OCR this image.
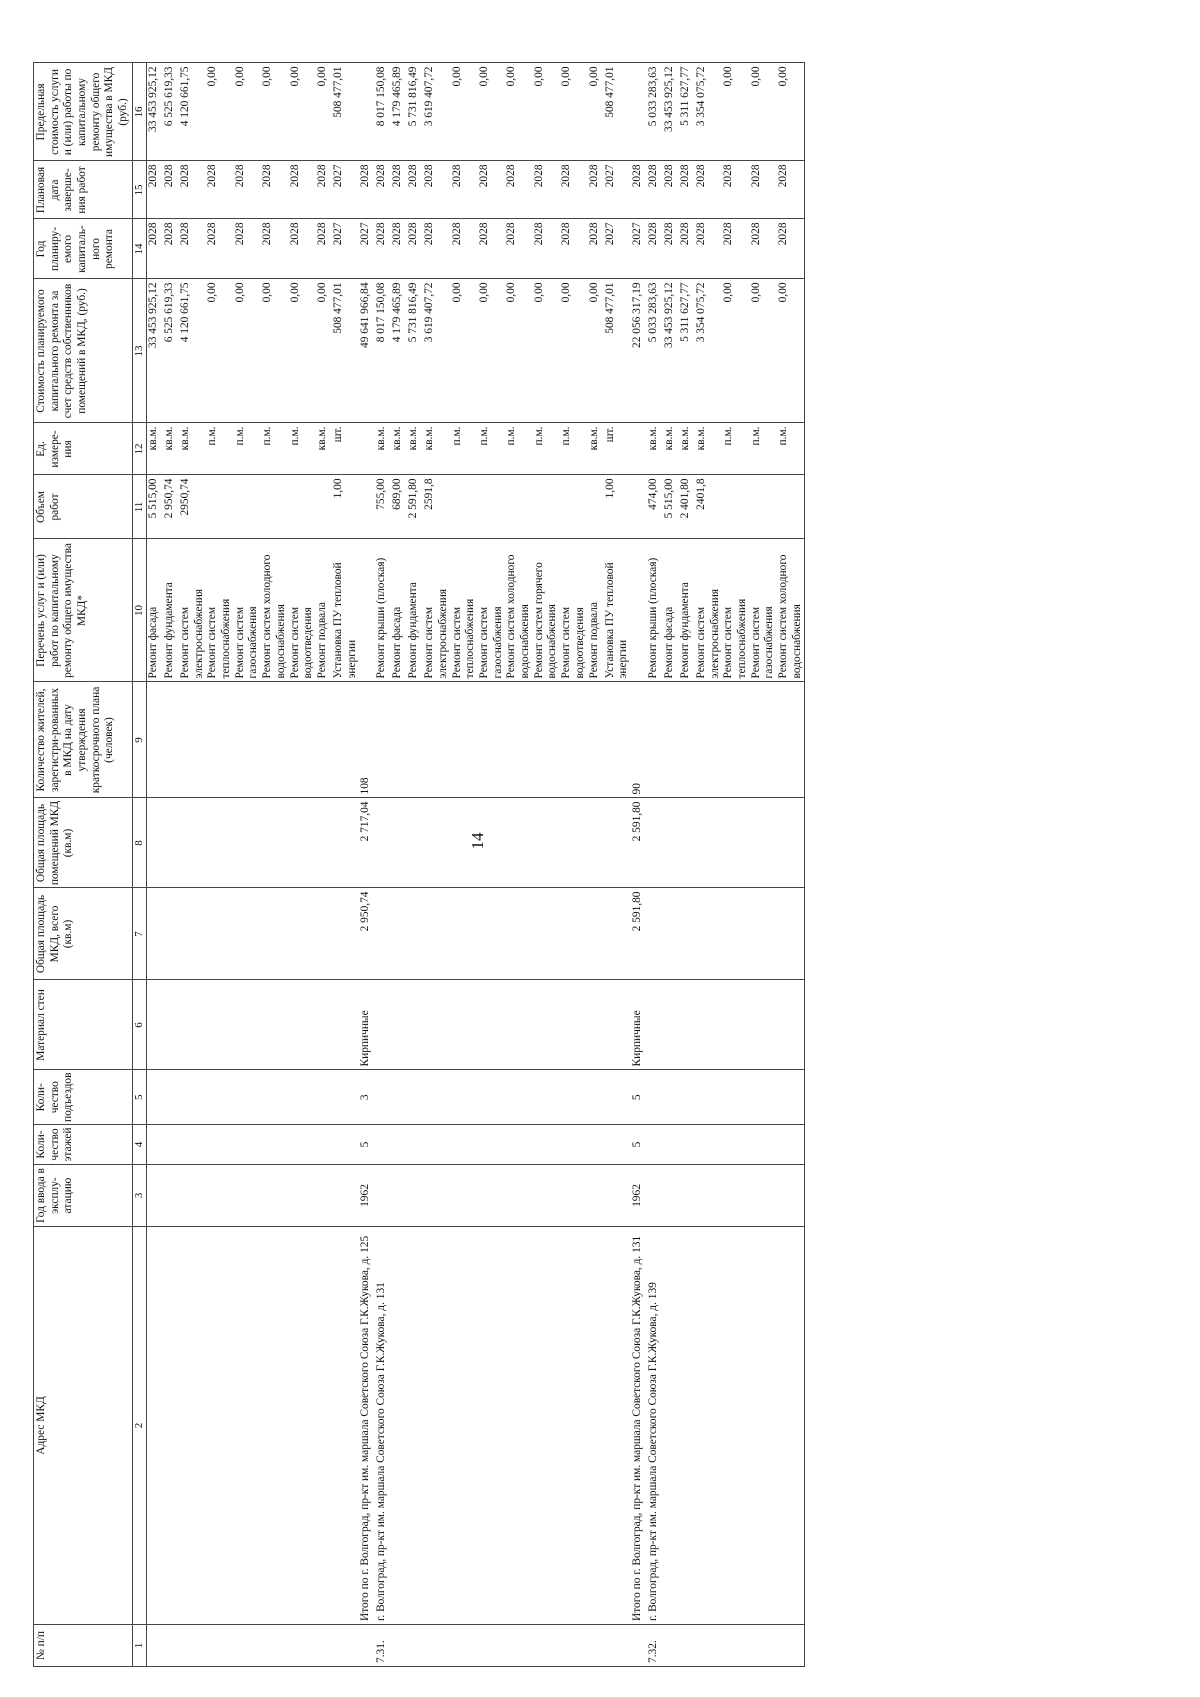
14
№ п/п	Адрес МКД	Год ввода в эксплу-атацию	Коли-чество этажей	Коли-чество подъездов	Материал стен	Общая площадь МКД, всего (кв.м)	Общая площадь помещений МКД (кв.м)	Количество жителей, зарегистри-рованных в МКД на дату утверждения краткосрочного плана (человек)	Перечень услуг и (или) работ по капитальному ремонту общего имущества МКД*	Объем работ	Ед. измере-ния	Стоимость планируемого капитального ремонта за счет средств собственников помещений в МКД, (руб.)	Год планиру-емого капиталь-ного ремонта	Плановая дата заверше-ния работ	Предельная стоимость услуги и (или) работы по капитальному ремонту общего имущества в МКД (руб.)
1	2	3	4	5	6	7	8	9	10	11	12	13	14	15	16
									Ремонт фасада	5 515,00	кв.м.	33 453 925,12	2028	2028	33 453 925,12
									Ремонт фундамента	2 950,74	кв.м.	6 525 619,33	2028	2028	6 525 619,33
									Ремонт систем электроснабжения	2950,74	кв.м.	4 120 661,75	2028	2028	4 120 661,75
									Ремонт систем теплоснабжения		п.м.	0,00	2028	2028	0,00
									Ремонт систем газоснабжения		п.м.	0,00	2028	2028	0,00
									Ремонт систем холодного водоснабжения		п.м.	0,00	2028	2028	0,00
									Ремонт систем водоотведения		п.м.	0,00	2028	2028	0,00
									Ремонт подвала		кв.м.	0,00	2028	2028	0,00
									Установка ПУ тепловой энергии	1,00	шт.	508 477,01	2027	2027	508 477,01
	Итого по г. Волгоград, пр-кт им. маршала Советского Союза Г.К.Жукова, д. 125	1962	5	3	Кирпичные	2 950,74	2 717,04	108				49 641 966,84	2027	2028	
7.31.	г. Волгоград, пр-кт им. маршала Советского Союза Г.К.Жукова, д. 131								Ремонт крыши (плоская)	755,00	кв.м.	8 017 150,08	2028	2028	8 017 150,08
									Ремонт фасада	689,00	кв.м.	4 179 465,89	2028	2028	4 179 465,89
									Ремонт фундамента	2 591,80	кв.м.	5 731 816,49	2028	2028	5 731 816,49
									Ремонт систем электроснабжения	2591,8	кв.м.	3 619 407,72	2028	2028	3 619 407,72
									Ремонт систем теплоснабжения		п.м.	0,00	2028	2028	0,00
									Ремонт систем газоснабжения		п.м.	0,00	2028	2028	0,00
									Ремонт систем холодного водоснабжения		п.м.	0,00	2028	2028	0,00
									Ремонт систем горячего водоснабжения		п.м.	0,00	2028	2028	0,00
									Ремонт систем водоотведения		п.м.	0,00	2028	2028	0,00
									Ремонт подвала		кв.м.	0,00	2028	2028	0,00
									Установка ПУ тепловой энергии	1,00	шт.	508 477,01	2027	2027	508 477,01
	Итого по г. Волгоград, пр-кт им. маршала Советского Союза Г.К.Жукова, д. 131	1962	5	5	Кирпичные	2 591,80	2 591,80	90				22 056 317,19	2027	2028	
7.32.	г. Волгоград, пр-кт им. маршала Советского Союза Г.К.Жукова, д. 139								Ремонт крыши (плоская)	474,00	кв.м.	5 033 283,63	2028	2028	5 033 283,63
									Ремонт фасада	5 515,00	кв.м.	33 453 925,12	2028	2028	33 453 925,12
									Ремонт фундамента	2 401,80	кв.м.	5 311 627,77	2028	2028	5 311 627,77
									Ремонт систем электроснабжения	2401,8	кв.м.	3 354 075,72	2028	2028	3 354 075,72
									Ремонт систем теплоснабжения		п.м.	0,00	2028	2028	0,00
									Ремонт систем газоснабжения		п.м.	0,00	2028	2028	0,00
									Ремонт систем холодного водоснабжения		п.м.	0,00	2028	2028	0,00
